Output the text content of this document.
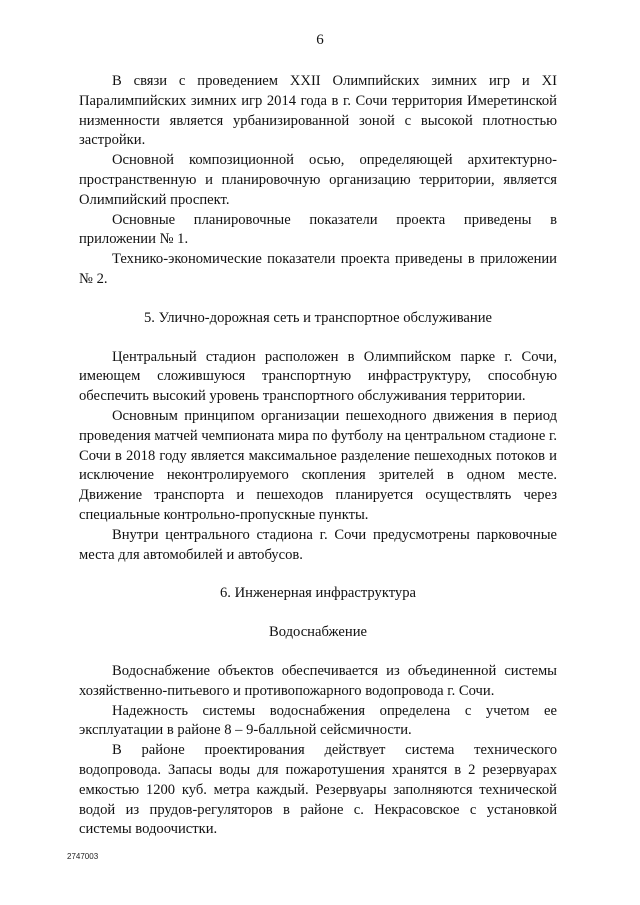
6

В связи с проведением XXII Олимпийских зимних игр и XI Паралимпийских зимних игр 2014 года в г. Сочи территория Имеретинской низменности является урбанизированной зоной с высокой плотностью застройки.

Основной композиционной осью, определяющей архитектурно-пространственную и планировочную организацию территории, является Олимпийский проспект.

Основные планировочные показатели проекта приведены в приложении № 1.

Технико-экономические показатели проекта приведены в приложении № 2.

5. Улично-дорожная сеть и транспортное обслуживание

Центральный стадион расположен в Олимпийском парке г. Сочи, имеющем сложившуюся транспортную инфраструктуру, способную обеспечить высокий уровень транспортного обслуживания территории.

Основным принципом организации пешеходного движения в период проведения матчей чемпионата мира по футболу на центральном стадионе г. Сочи в 2018 году является максимальное разделение пешеходных потоков и исключение неконтролируемого скопления зрителей в одном месте. Движение транспорта и пешеходов планируется осуществлять через специальные контрольно-пропускные пункты.

Внутри центрального стадиона г. Сочи предусмотрены парковочные места для автомобилей и автобусов.

6. Инженерная инфраструктура

Водоснабжение

Водоснабжение объектов обеспечивается из объединенной системы хозяйственно-питьевого и противопожарного водопровода г. Сочи.

Надежность системы водоснабжения определена с учетом ее эксплуатации в районе 8 – 9-балльной сейсмичности.

В районе проектирования действует система технического водопровода. Запасы воды для пожаротушения хранятся в 2 резервуарах емкостью 1200 куб. метра каждый. Резервуары заполняются технической водой из прудов-регуляторов в районе с. Некрасовское с установкой системы водоочистки.

2747003
